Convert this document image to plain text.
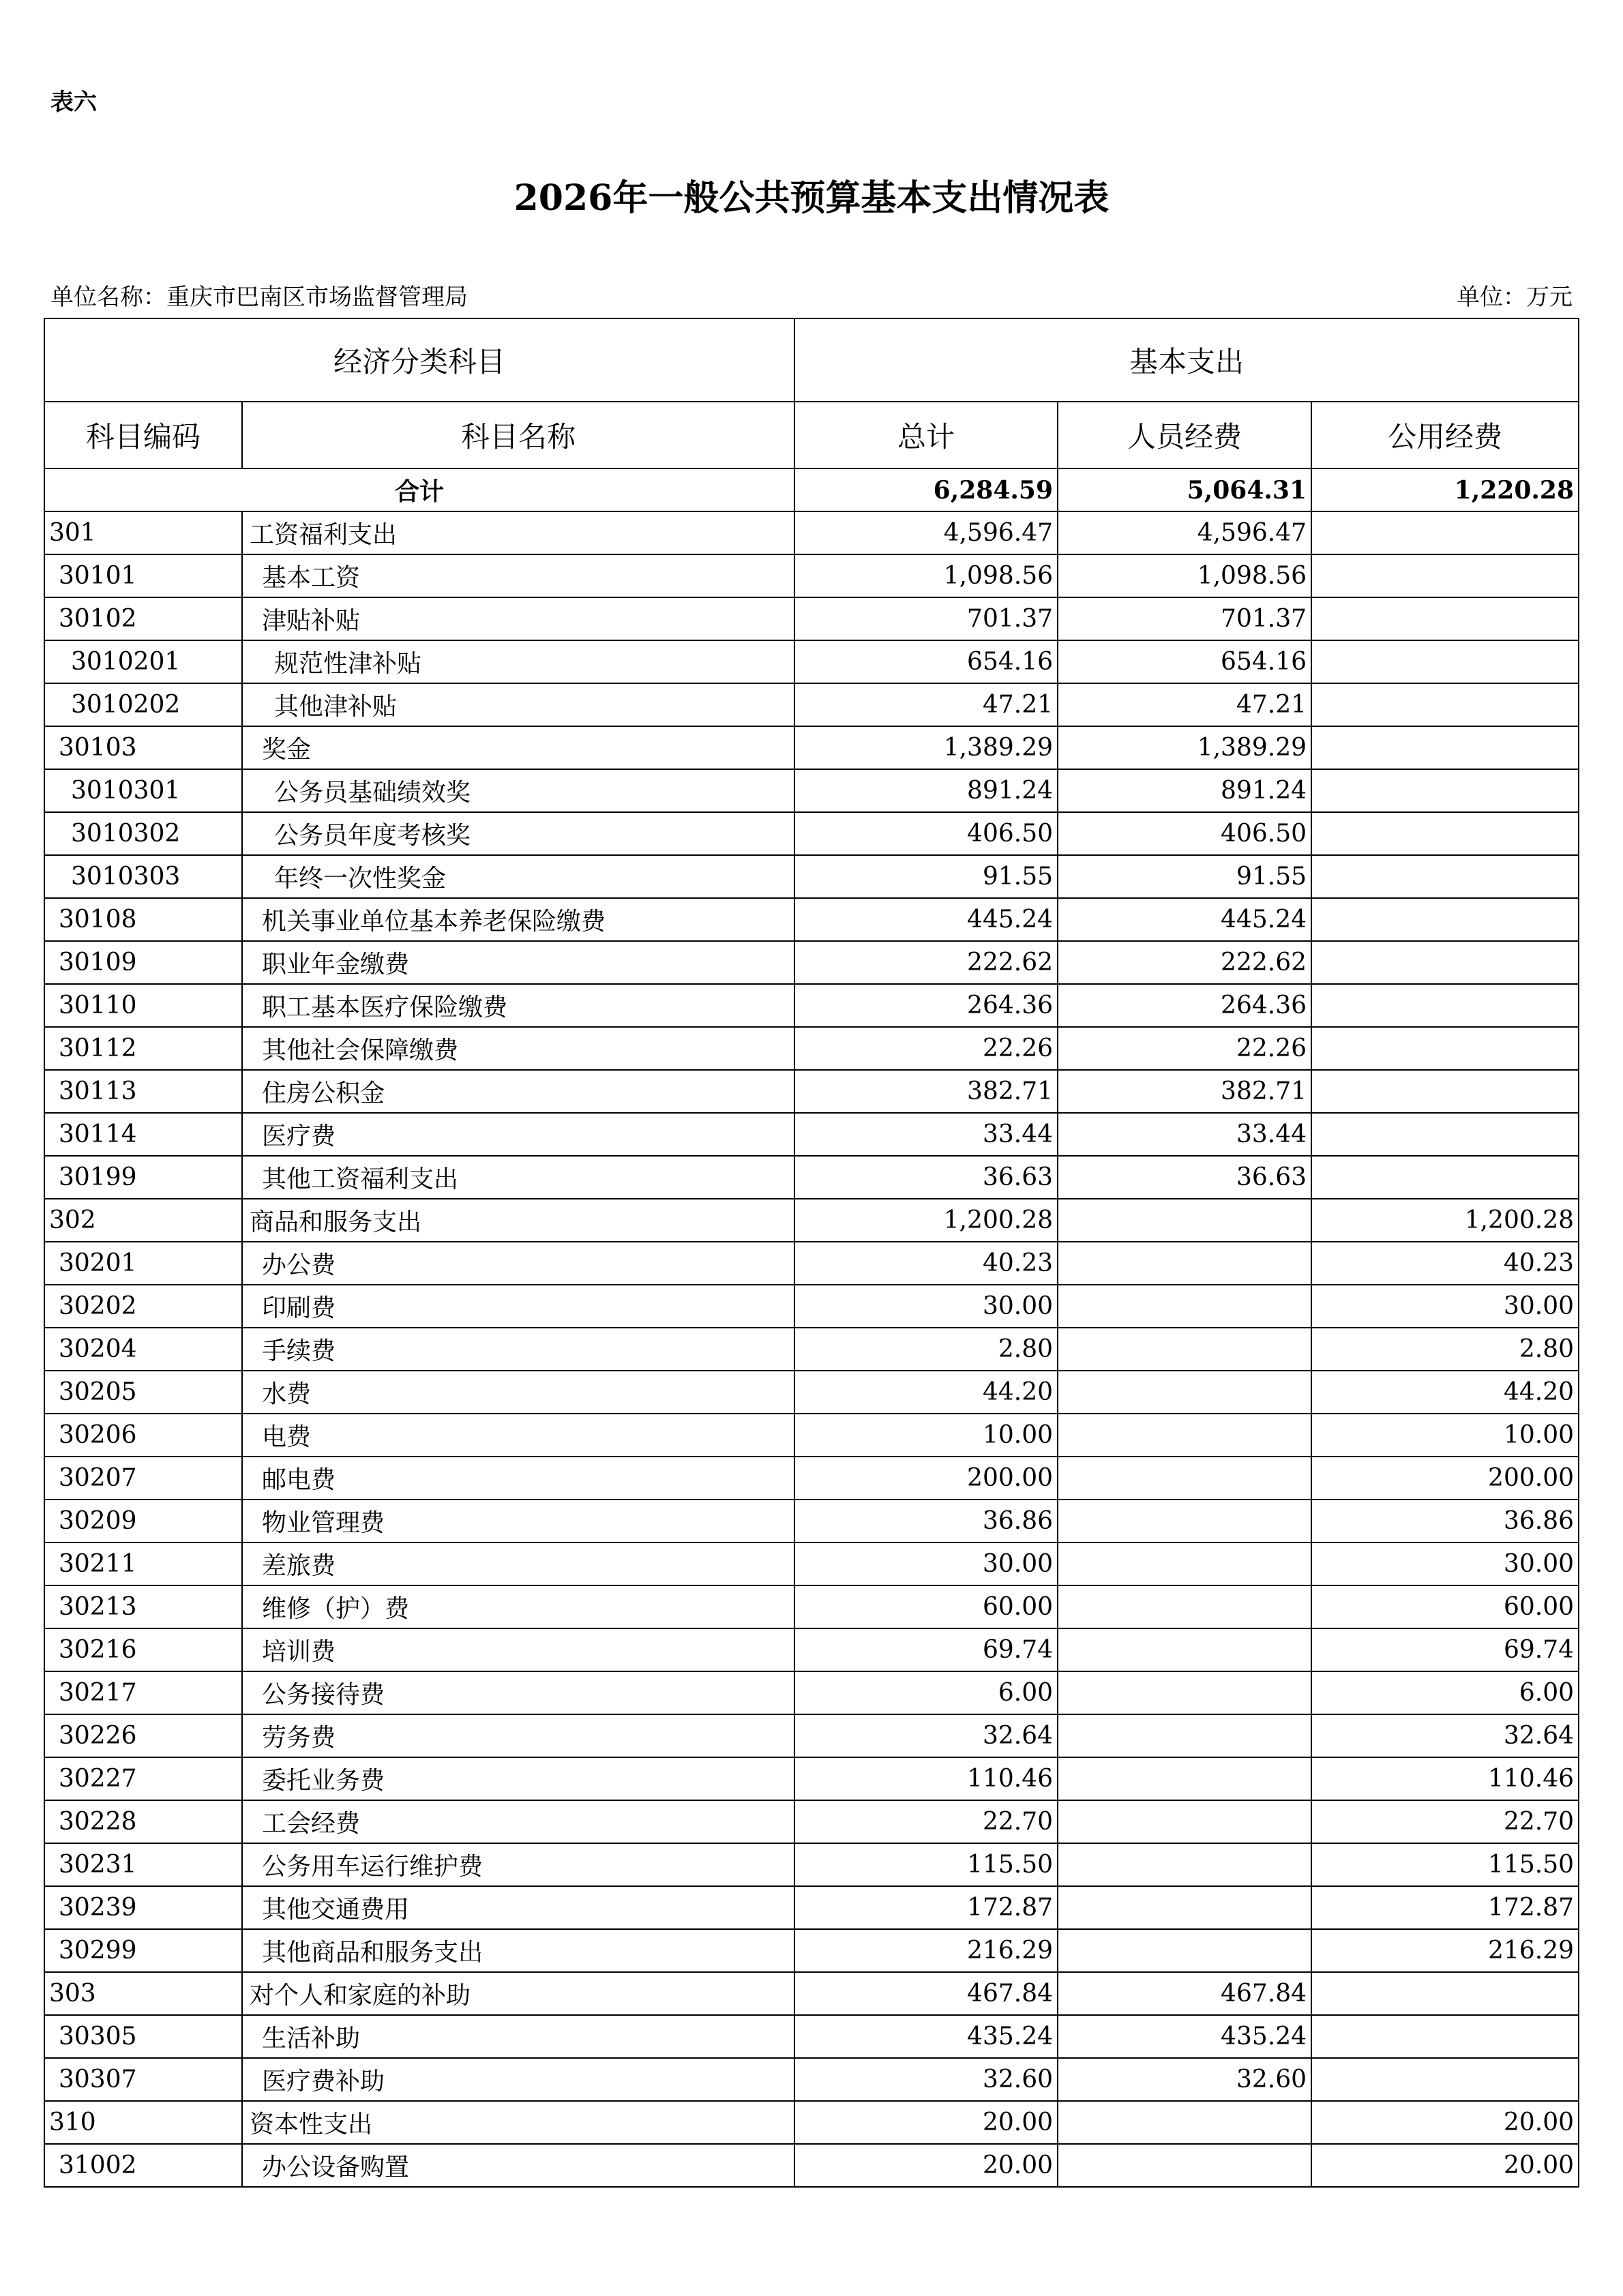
表六
2026年一般公共预算基本支出情况表
单位名称：重庆市巴南区市场监督管理局	单位：万元
经济分类科目		基本支出		
科目编码	科目名称	总计	人员经费	公用经费
合计		6,284.59	5,064.31	1,220.28
301	工资福利支出	4,596.47	4,596.47	
30101	基本工资	1,098.56	1,098.56	
30102	津贴补贴	701.37	701.37	
3010201	规范性津补贴	654.16	654.16	
3010202	其他津补贴	47.21	47.21	
30103	奖金	1,389.29	1,389.29	
3010301	公务员基础绩效奖	891.24	891.24	
3010302	公务员年度考核奖	406.50	406.50	
3010303	年终一次性奖金	91.55	91.55	
30108	机关事业单位基本养老保险缴费	445.24	445.24	
30109	职业年金缴费	222.62	222.62	
30110	职工基本医疗保险缴费	264.36	264.36	
30112	其他社会保障缴费	22.26	22.26	
30113	住房公积金	382.71	382.71	
30114	医疗费	33.44	33.44	
30199	其他工资福利支出	36.63	36.63	
302	商品和服务支出	1,200.28		1,200.28
30201	办公费	40.23		40.23
30202	印刷费	30.00		30.00
30204	手续费	2.80		2.80
30205	水费	44.20		44.20
30206	电费	10.00		10.00
30207	邮电费	200.00		200.00
30209	物业管理费	36.86		36.86
30211	差旅费	30.00		30.00
30213	维修（护）费	60.00		60.00
30216	培训费	69.74		69.74
30217	公务接待费	6.00		6.00
30226	劳务费	32.64		32.64
30227	委托业务费	110.46		110.46
30228	工会经费	22.70		22.70
30231	公务用车运行维护费	115.50		115.50
30239	其他交通费用	172.87		172.87
30299	其他商品和服务支出	216.29		216.29
303	对个人和家庭的补助	467.84	467.84	
30305	生活补助	435.24	435.24	
30307	医疗费补助	32.60	32.60	
310	资本性支出	20.00		20.00
31002	办公设备购置	20.00		20.00
